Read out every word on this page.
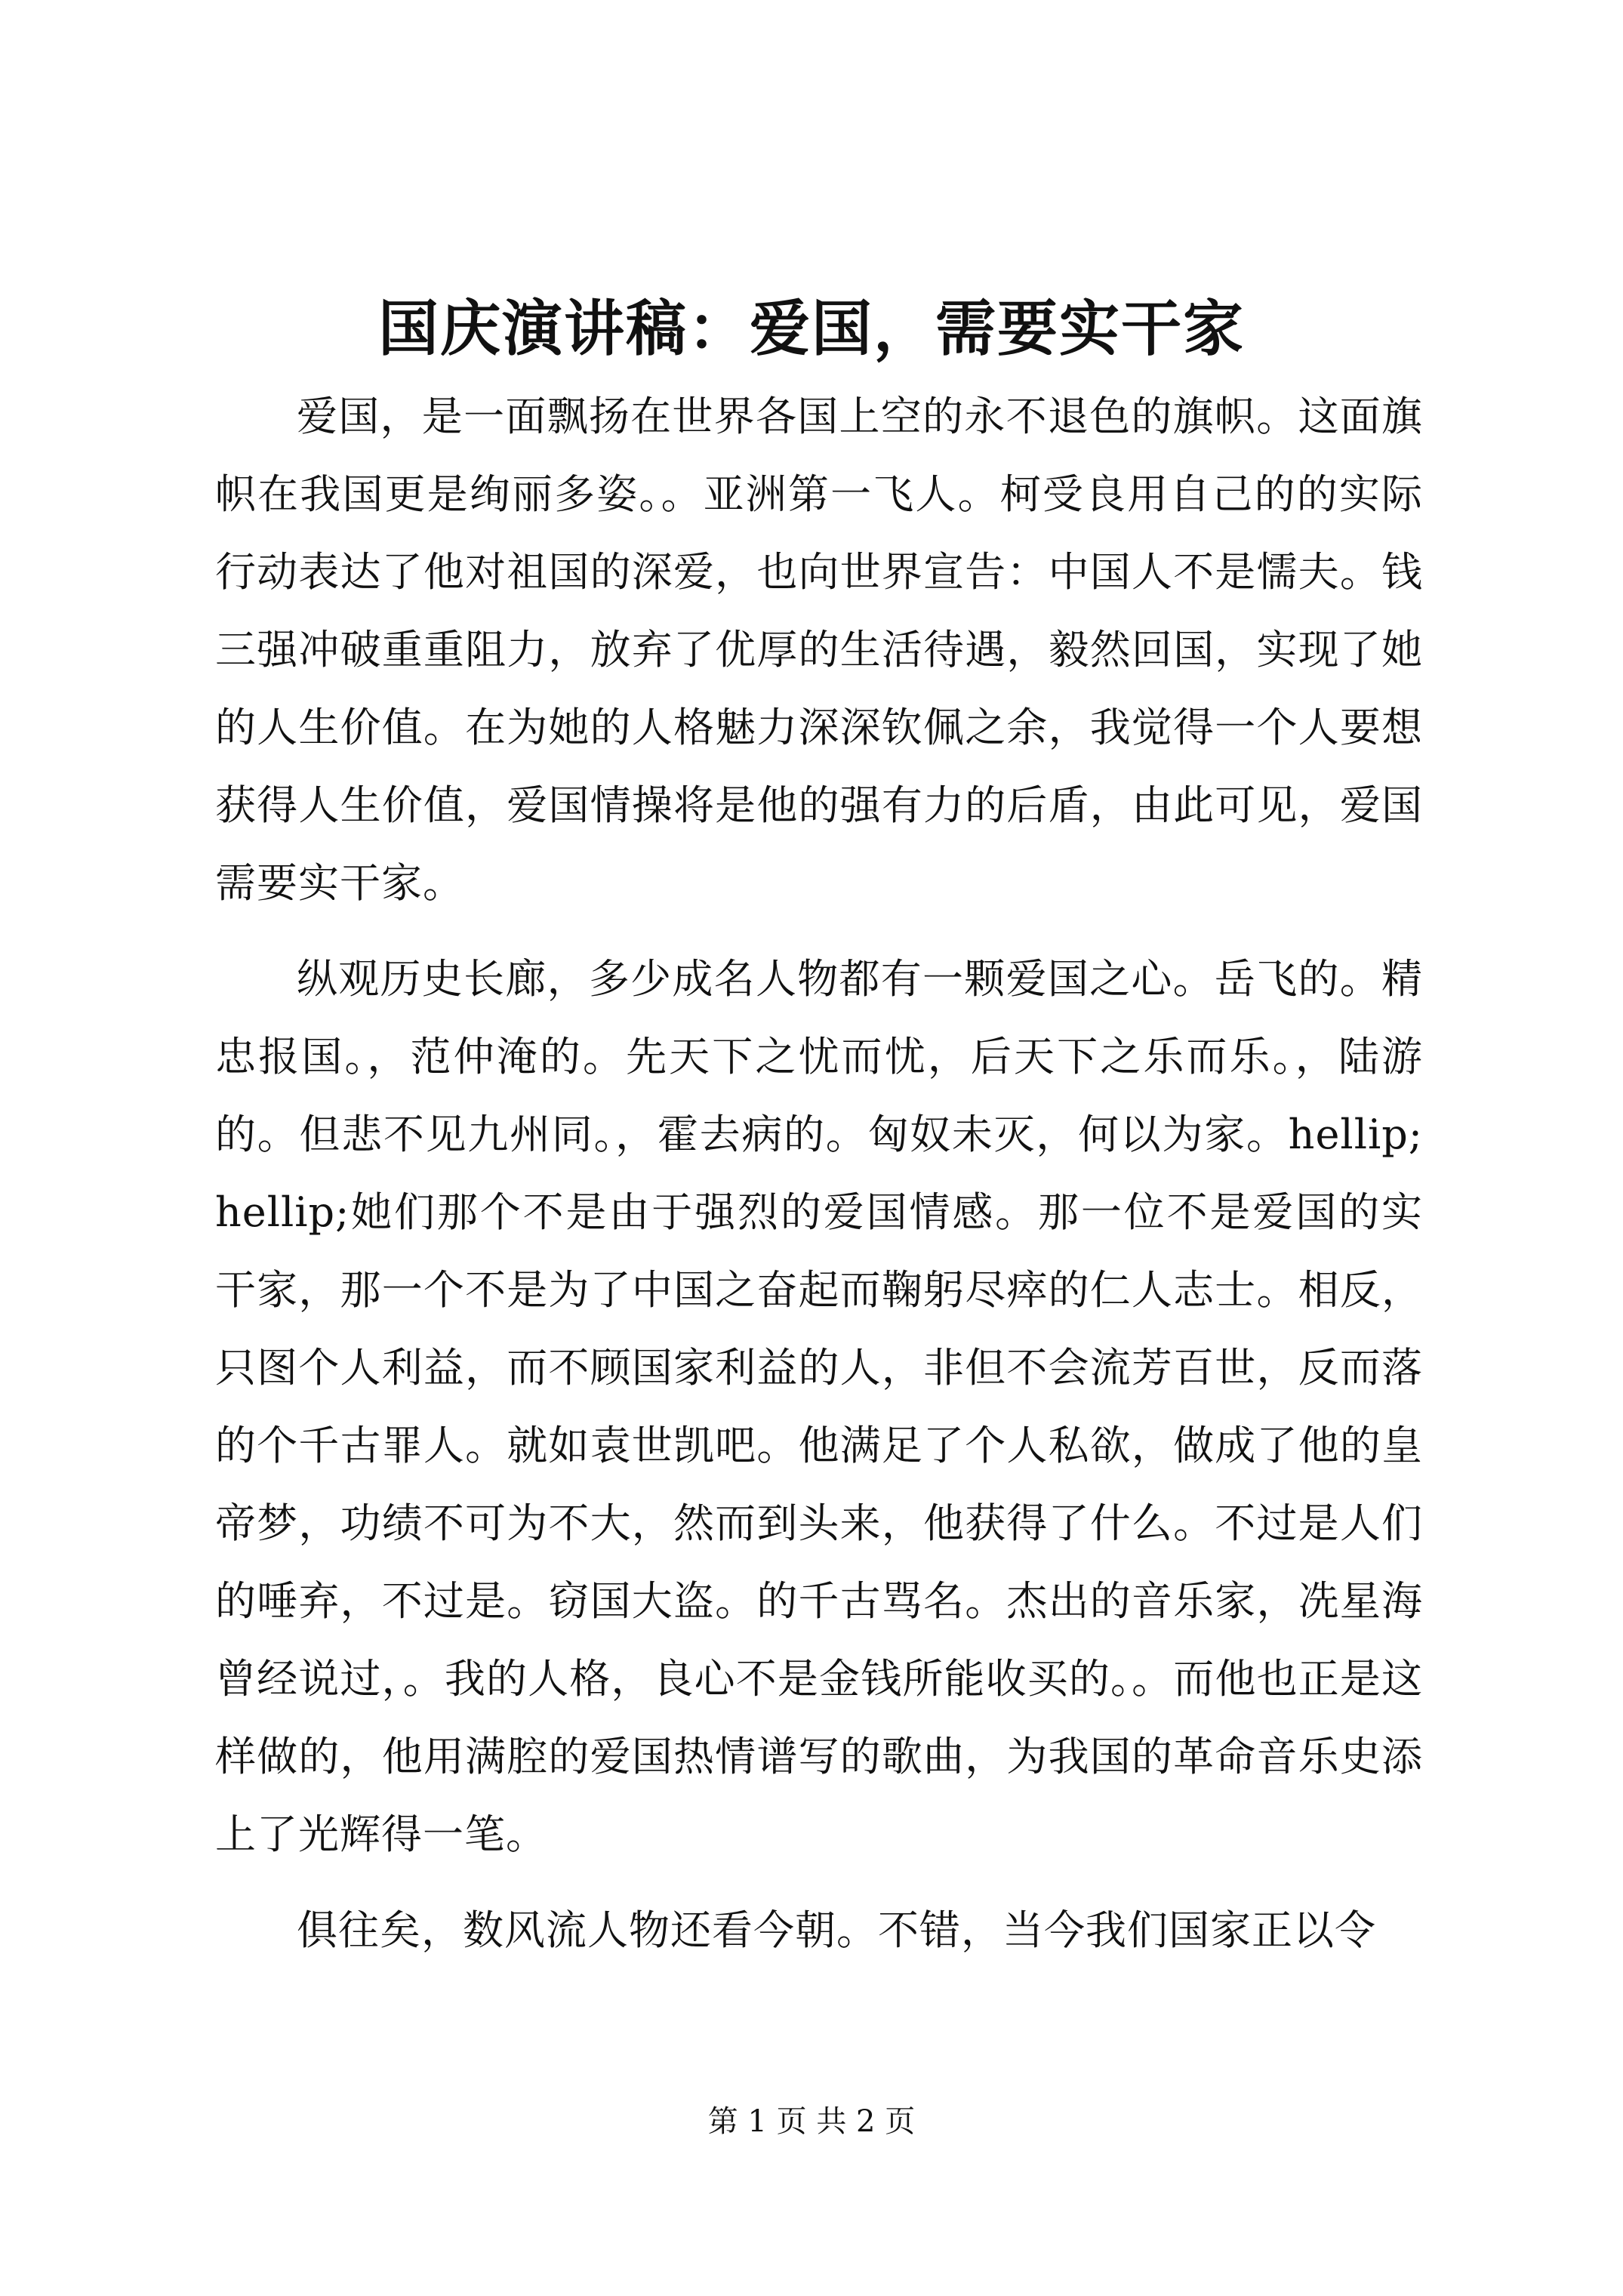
国庆演讲稿：爱国，需要实干家

爱国，是一面飘扬在世界各国上空的永不退色的旗帜。这面旗帜在我国更是绚丽多姿。。亚洲第一飞人。柯受良用自己的的实际行动表达了他对祖国的深爱，也向世界宣告：中国人不是懦夫。钱三强冲破重重阻力，放弃了优厚的生活待遇，毅然回国，实现了她的人生价值。在为她的人格魅力深深钦佩之余，我觉得一个人要想获得人生价值，爱国情操将是他的强有力的后盾，由此可见，爱国需要实干家。

纵观历史长廊，多少成名人物都有一颗爱国之心。岳飞的。精忠报国。，范仲淹的。先天下之忧而忧，后天下之乐而乐。，陆游的。但悲不见九州同。，霍去病的。匈奴未灭，何以为家。hellip;hellip;她们那个不是由于强烈的爱国情感。那一位不是爱国的实干家，那一个不是为了中国之奋起而鞠躬尽瘁的仁人志士。相反，只图个人利益，而不顾国家利益的人，非但不会流芳百世，反而落的个千古罪人。就如袁世凯吧。他满足了个人私欲，做成了他的皇帝梦，功绩不可为不大，然而到头来，他获得了什么。不过是人们的唾弃，不过是。窃国大盗。的千古骂名。杰出的音乐家，冼星海曾经说过，。我的人格，良心不是金钱所能收买的。。而他也正是这样做的，他用满腔的爱国热情谱写的歌曲，为我国的革命音乐史添上了光辉得一笔。

俱往矣，数风流人物还看今朝。不错，当今我们国家正以令

第 1 页 共 2 页
